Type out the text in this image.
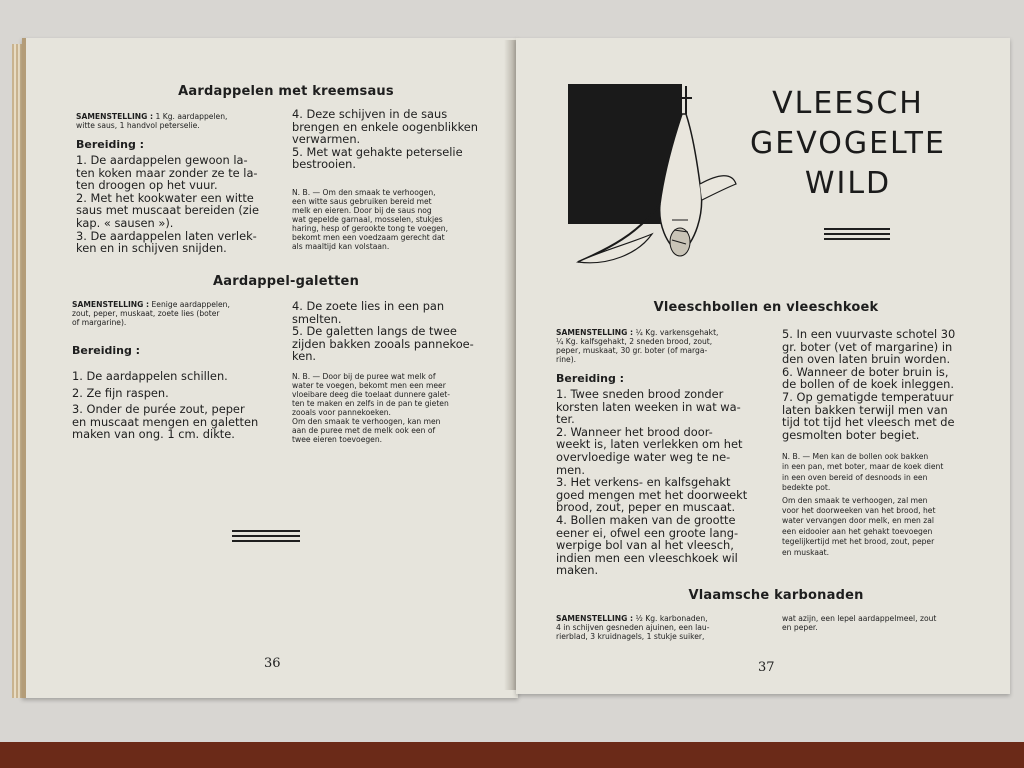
Aardappelen met kreemsaus
SAMENSTELLING : 1 Kg. aardappelen,
witte saus, 1 handvol peterselie.
Bereiding :
1. De aardappelen gewoon la-
ten koken maar zonder ze te la-
ten droogen op het vuur.
2. Met het kookwater een witte
saus met muscaat bereiden (zie
kap. « sausen »).
3. De aardappelen laten verlek-
ken en in schijven snijden.
4. Deze schijven in de saus
brengen en enkele oogenblikken
verwarmen.
5. Met wat gehakte peterselie
bestrooien.
N. B. — Om den smaak te verhoogen,
een witte saus gebruiken bereid met
melk en eieren. Door bij de saus nog
wat gepelde garnaal, mosselen, stukjes
haring, hesp of gerookte tong te voegen,
bekomt men een voedzaam gerecht dat
als maaltijd kan volstaan.
Aardappel-galetten
SAMENSTELLING : Eenige aardappelen,
zout, peper, muskaat, zoete lies (boter
of margarine).
Bereiding :
1. De aardappelen schillen.
2. Ze fijn raspen.
3. Onder de purée zout, peper
en muscaat mengen en galetten
maken van ong. 1 cm. dikte.
4. De zoete lies in een pan
smelten.
5. De galetten langs de twee
zijden bakken zooals pannekoe-
ken.
N. B. — Door bij de puree wat melk of
water te voegen, bekomt men een meer
vloeibare deeg die toelaat dunnere galet-
ten te maken en zelfs in de pan te gieten
zooals voor pannekoeken.
Om den smaak te verhoogen, kan men
aan de puree met de melk ook een of
twee eieren toevoegen.
36
VLEESCH
GEVOGELTE
WILD
Vleeschbollen en vleeschkoek
SAMENSTELLING : ¼ Kg. varkensgehakt,
¼ Kg. kalfsgehakt, 2 sneden brood, zout,
peper, muskaat, 30 gr. boter (of marga-
rine).
Bereiding :
1. Twee sneden brood zonder
korsten laten weeken in wat wa-
ter.
2. Wanneer het brood door-
weekt is, laten verlekken om het
overvloedige water weg te ne-
men.
3. Het verkens- en kalfsgehakt
goed mengen met het doorweekt
brood, zout, peper en muscaat.
4. Bollen maken van de grootte
eener ei, ofwel een groote lang-
werpige bol van al het vleesch,
indien men een vleeschkoek wil
maken.
5. In een vuurvaste schotel 30
gr. boter (vet of margarine) in
den oven laten bruin worden.
6. Wanneer de boter bruin is,
de bollen of de koek inleggen.
7. Op gematigde temperatuur
laten bakken terwijl men van
tijd tot tijd het vleesch met de
gesmolten boter begiet.
N. B. — Men kan de bollen ook bakken
in een pan, met boter, maar de koek dient
in een oven bereid of desnoods in een
bedekte pot.
Om den smaak te verhoogen, zal men
voor het doorweeken van het brood, het
water vervangen door melk, en men zal
een eidooier aan het gehakt toevoegen
tegelijkertijd met het brood, zout, peper
en muskaat.
Vlaamsche karbonaden
SAMENSTELLING : ½ Kg. karbonaden,
4 in schijven gesneden ajuinen, een lau-
rierblad, 3 kruidnagels, 1 stukje suiker,
wat azijn, een lepel aardappelmeel, zout
en peper.
37
